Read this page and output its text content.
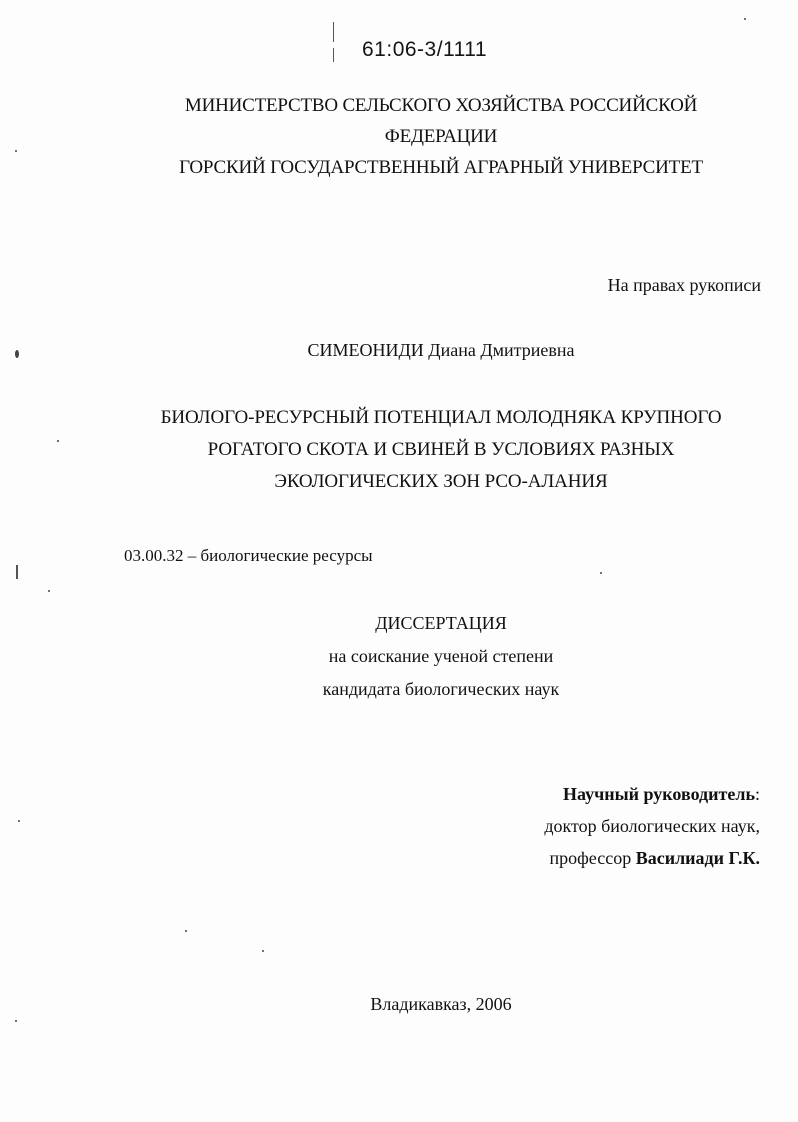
61:06-3/1111

МИНИСТЕРСТВО СЕЛЬСКОГО ХОЗЯЙСТВА РОССИЙСКОЙ
ФЕДЕРАЦИИ
ГОРСКИЙ ГОСУДАРСТВЕННЫЙ АГРАРНЫЙ УНИВЕРСИТЕТ

На правах рукописи

СИМЕОНИДИ Диана Дмитриевна

БИОЛОГО-РЕСУРСНЫЙ ПОТЕНЦИАЛ МОЛОДНЯКА КРУПНОГО
РОГАТОГО СКОТА И СВИНЕЙ В УСЛОВИЯХ РАЗНЫХ
ЭКОЛОГИЧЕСКИХ ЗОН РСО-АЛАНИЯ

03.00.32 – биологические ресурсы

ДИССЕРТАЦИЯ
на соискание ученой степени
кандидата биологических наук
Научный руководитель:
доктор биологических наук,
профессор Василиади Г.К.

Владикавказ, 2006
